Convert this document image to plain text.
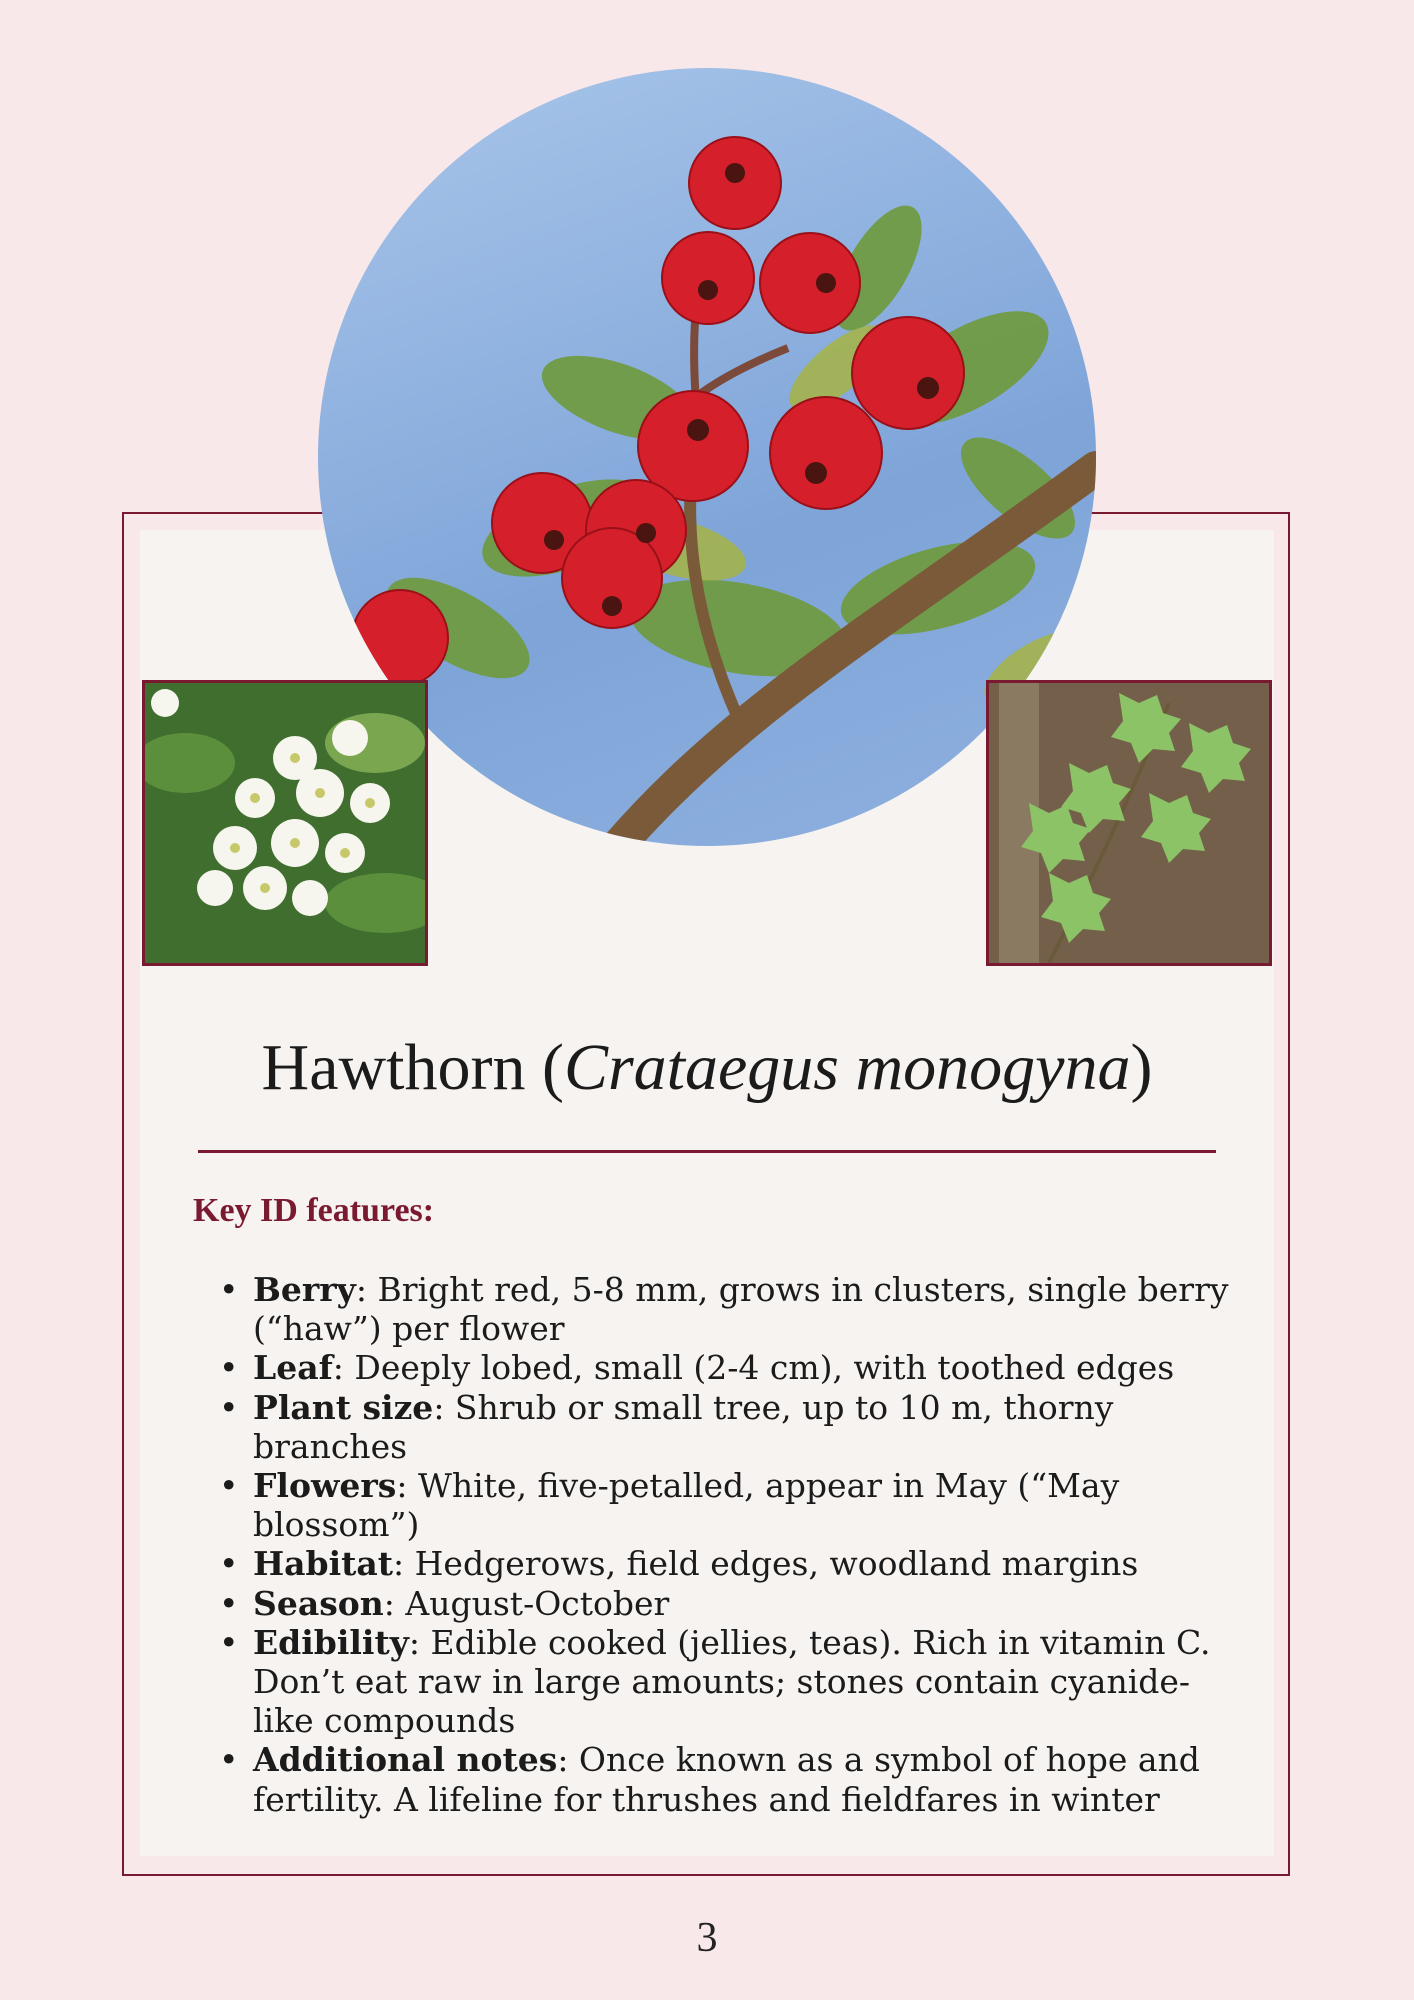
Hawthorn (Crataegus monogyna)
Key ID features:
• Berry: Bright red, 5-8 mm, grows in clusters, single berry (“haw”) per flower
• Leaf: Deeply lobed, small (2-4 cm), with toothed edges
• Plant size: Shrub or small tree, up to 10 m, thorny branches
• Flowers: White, five-petalled, appear in May (“May blossom”)
• Habitat: Hedgerows, field edges, woodland margins
• Season: August-October
• Edibility: Edible cooked (jellies, teas). Rich in vitamin C. Don’t eat raw in large amounts; stones contain cyanide-like compounds
• Additional notes: Once known as a symbol of hope and fertility. A lifeline for thrushes and fieldfares in winter
3
